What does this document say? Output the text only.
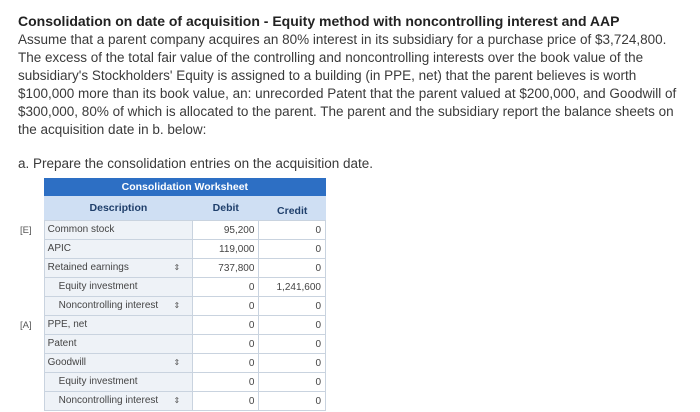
Consolidation on date of acquisition - Equity method with noncontrolling interest and AAP
Assume that a parent company acquires an 80% interest in its subsidiary for a purchase price of $3,724,800. The excess of the total fair value of the controlling and noncontrolling interests over the book value of the subsidiary's Stockholders' Equity is assigned to a building (in PPE, net) that the parent believes is worth $100,000 more than its book value, an: unrecorded Patent that the parent valued at $200,000, and Goodwill of $300,000, 80% of which is allocated to the parent. The parent and the subsidiary report the balance sheets on the acquisition date in b. below:
a. Prepare the consolidation entries on the acquisition date.
	Consolidation Worksheet		
	Description	Debit	Credit
[E]	Common stock	95,200	0

	APIC	119,000	0

	Retained earnings ⇕	737,800	0

	Equity investment	0	1,241,600

	Noncontrolling interest ⇕	0	0
[A]	PPE, net	0	0

	Patent	0	0

	Goodwill ⇕	0	0

	Equity investment	0	0

	Noncontrolling interest ⇕	0	0
